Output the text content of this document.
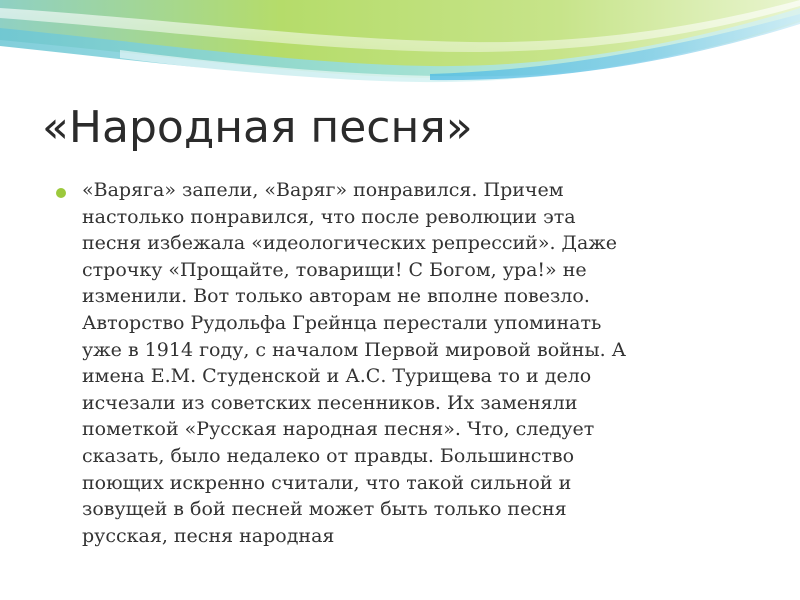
«Народная песня»

«Варяга» запели, «Варяг» понравился. Причем
настолько понравился, что после революции эта
песня избежала «идеологических репрессий». Даже
строчку «Прощайте, товарищи! С Богом, ура!» не
изменили. Вот только авторам не вполне повезло.
Авторство Рудольфа Грейнца перестали упоминать
уже в 1914 году, с началом Первой мировой войны. А
имена Е.М. Студенской и А.С. Турищева то и дело
исчезали из советских песенников. Их заменяли
пометкой «Русская народная песня». Что, следует
сказать, было недалеко от правды. Большинство
поющих искренно считали, что такой сильной и
зовущей в бой песней может быть только песня
русская, песня народная
